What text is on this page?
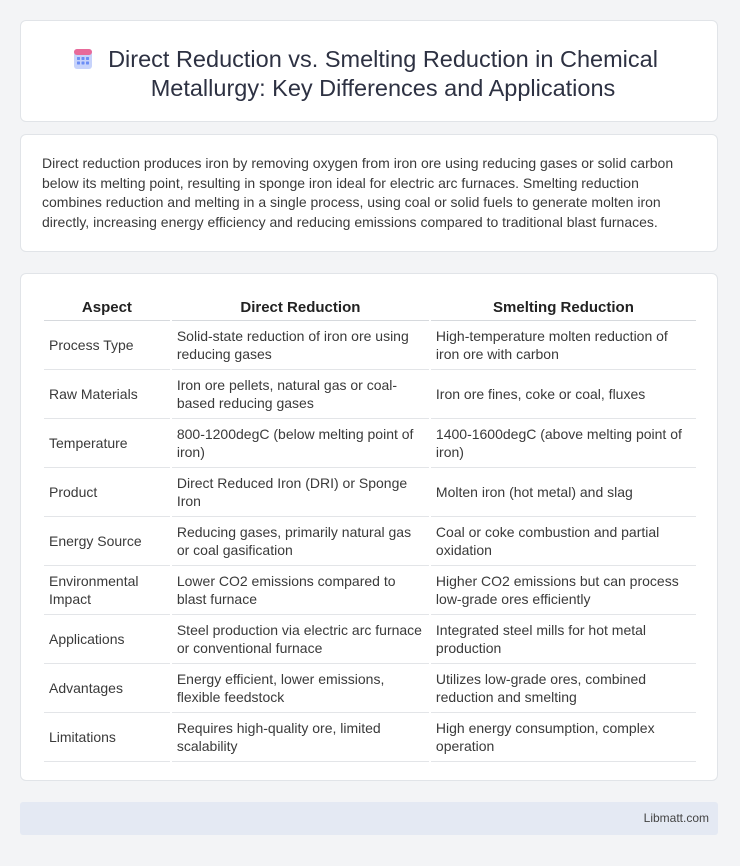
Direct Reduction vs. Smelting Reduction in Chemical Metallurgy: Key Differences and Applications

Direct reduction produces iron by removing oxygen from iron ore using reducing gases or solid carbon below its melting point, resulting in sponge iron ideal for electric arc furnaces. Smelting reduction combines reduction and melting in a single process, using coal or solid fuels to generate molten iron directly, increasing energy efficiency and reducing emissions compared to traditional blast furnaces.

Aspect	Direct Reduction	Smelting Reduction
Process Type	Solid-state reduction of iron ore using reducing gases	High-temperature molten reduction of iron ore with carbon
Raw Materials	Iron ore pellets, natural gas or coal-based reducing gases	Iron ore fines, coke or coal, fluxes
Temperature	800-1200degC (below melting point of iron)	1400-1600degC (above melting point of iron)
Product	Direct Reduced Iron (DRI) or Sponge Iron	Molten iron (hot metal) and slag
Energy Source	Reducing gases, primarily natural gas or coal gasification	Coal or coke combustion and partial oxidation
Environmental Impact	Lower CO2 emissions compared to blast furnace	Higher CO2 emissions but can process low-grade ores efficiently
Applications	Steel production via electric arc furnace or conventional furnace	Integrated steel mills for hot metal production
Advantages	Energy efficient, lower emissions, flexible feedstock	Utilizes low-grade ores, combined reduction and smelting
Limitations	Requires high-quality ore, limited scalability	High energy consumption, complex operation
Libmatt.com
